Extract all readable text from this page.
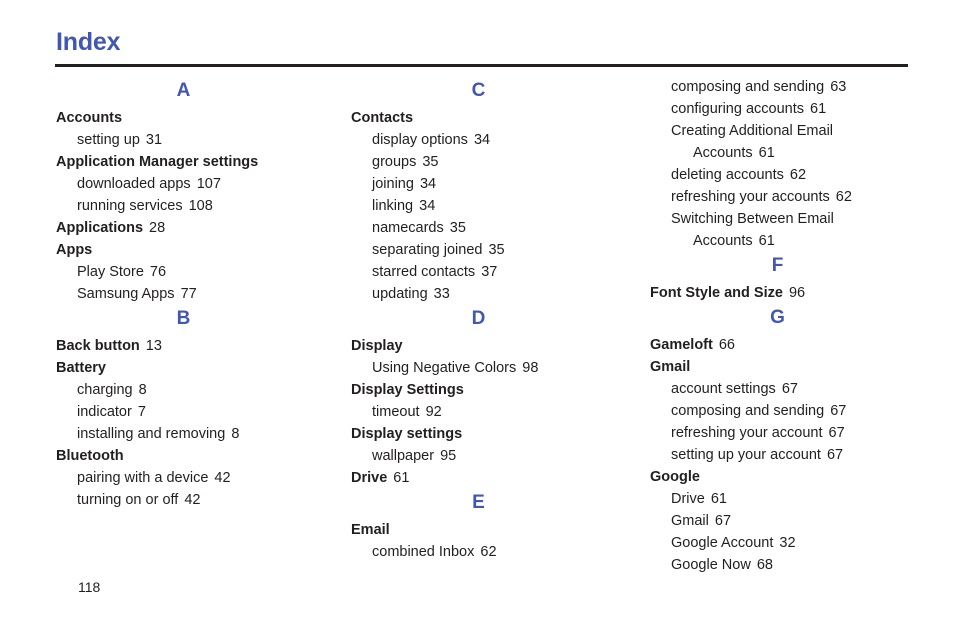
Index
A
Accounts
setting up 31
Application Manager settings
downloaded apps 107
running services 108
Applications 28
Apps
Play Store 76
Samsung Apps 77
B
Back button 13
Battery
charging 8
indicator 7
installing and removing 8
Bluetooth
pairing with a device 42
turning on or off 42
C
Contacts
display options 34
groups 35
joining 34
linking 34
namecards 35
separating joined 35
starred contacts 37
updating 33
D
Display
Using Negative Colors 98
Display Settings
timeout 92
Display settings
wallpaper 95
Drive 61
E
Email
combined Inbox 62
composing and sending 63
configuring accounts 61
Creating Additional Email
Accounts 61
deleting accounts 62
refreshing your accounts 62
Switching Between Email
Accounts 61
F
Font Style and Size 96
G
Gameloft 66
Gmail
account settings 67
composing and sending 67
refreshing your account 67
setting up your account 67
Google
Drive 61
Gmail 67
Google Account 32
Google Now 68
118
